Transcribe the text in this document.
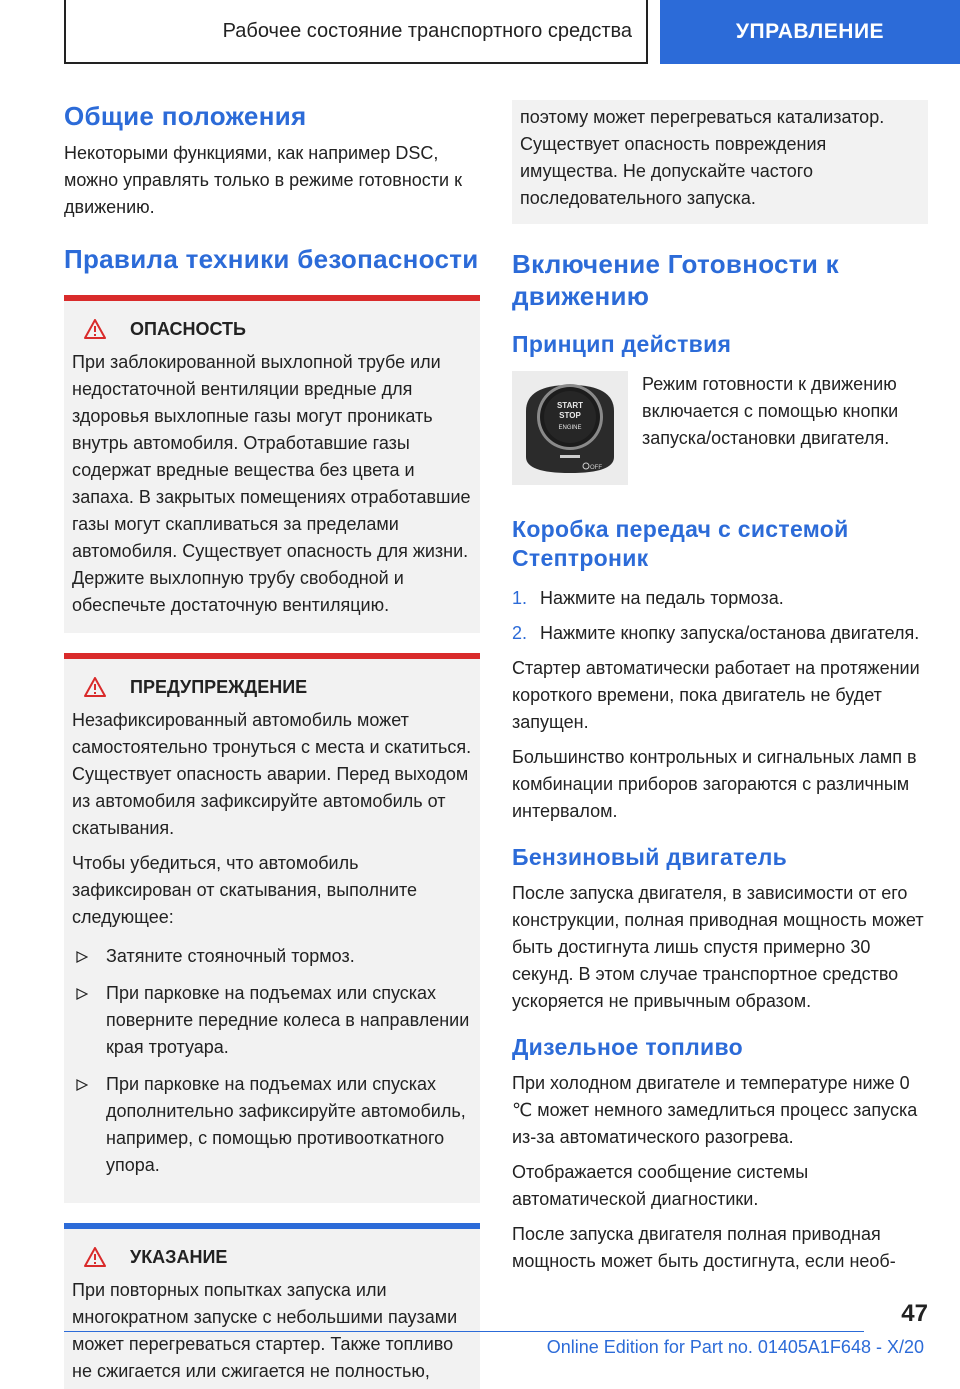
Рабочее состояние транспортного средства	УПРАВЛЕНИЕ
Общие положения

Некоторыми функциями, как например DSC, можно управлять только в режиме готовности к движению.

Правила техники безопасности
ОПАСНОСТЬ

При заблокированной выхлопной трубе или недостаточной вентиляции вредные для здоровья выхлопные газы могут проникать внутрь автомобиля. Отработавшие газы содержат вредные вещества без цвета и запаха. В закрытых помещениях отработавшие газы могут скапливаться за пределами автомобиля. Существует опасность для жизни. Держите выхлопную трубу свободной и обеспечьте достаточную вентиляцию.

ПРЕДУПРЕЖДЕНИЕ

Незафиксированный автомобиль может самостоятельно тронуться с места и скатиться. Существует опасность аварии. Перед выходом из автомобиля зафиксируйте автомобиль от скатывания.

Чтобы убедиться, что автомобиль зафиксирован от скатывания, выполните следующее:

Затяните стояночный тормоз.
При парковке на подъемах или спусках поверните передние колеса в направлении края тротуара.
При парковке на подъемах или спусках дополнительно зафиксируйте автомобиль, например, с помощью противооткатного упора.
УКАЗАНИЕ

При повторных попытках запуска или многократном запуске с небольшими паузами может перегреваться стартер. Также топливо не сжигается или сжигается не полностью,

поэтому может перегреваться катализатор. Существует опасность повреждения имущества. Не допускайте частого последовательного запуска.

Включение Готовности к движению
Принцип действия
START
STOP
ENGINE
OFF

Режим готовности к движению включается с помощью кнопки запуска/остановки двигателя.

Коробка передач с системой Стептроник
1. Нажмите на педаль тормоза.
2. Нажмите кнопку запуска/останова двигателя.

Стартер автоматически работает на протяжении короткого времени, пока двигатель не будет запущен.

Большинство контрольных и сигнальных ламп в комбинации приборов загораются с различным интервалом.

Бензиновый двигатель

После запуска двигателя, в зависимости от его конструкции, полная приводная мощность может быть достигнута лишь спустя примерно 30 секунд. В этом случае транспортное средство ускоряется не привычным образом.

Дизельное топливо

При холодном двигателе и температуре ниже 0 ℃ может немного замедлиться процесс запуска из-за автоматического разогрева.

Отображается сообщение системы автоматической диагностики.

После запуска двигателя полная приводная мощность может быть достигнута, если необ-

47
Online Edition for Part no. 01405A1F648 - X/20
